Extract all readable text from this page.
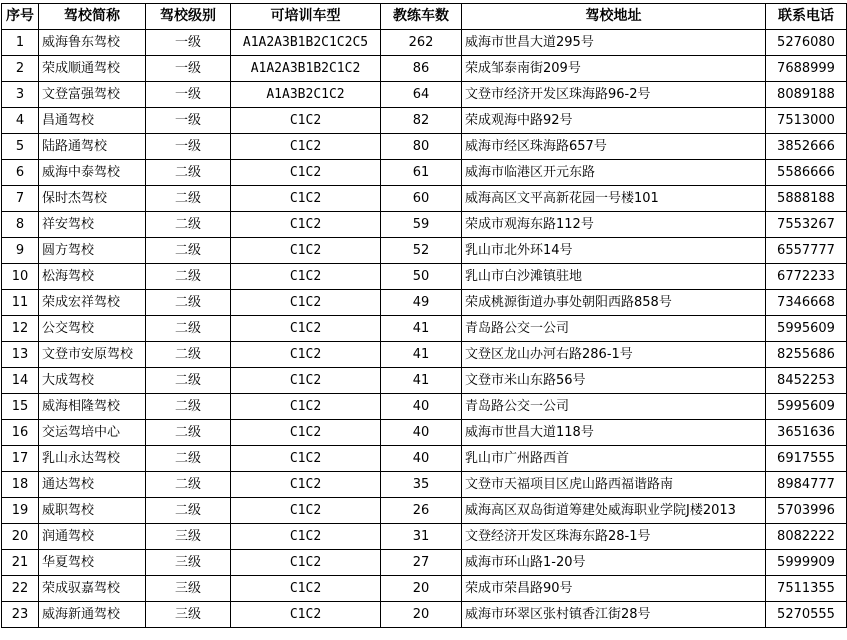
序号	驾校简称	驾校级别	可培训车型	教练车数	驾校地址	联系电话
1	威海鲁东驾校	一级	A1A2A3B1B2C1C2C5	262	威海市世昌大道295号	5276080
2	荣成顺通驾校	一级	A1A2A3B1B2C1C2	86	荣成邹泰南街209号	7688999
3	文登富强驾校	一级	A1A3B2C1C2	64	文登市经济开发区珠海路96-2号	8089188
4	昌通驾校	一级	C1C2	82	荣成观海中路92号	7513000
5	陆路通驾校	一级	C1C2	80	威海市经区珠海路657号	3852666
6	威海中泰驾校	二级	C1C2	61	威海市临港区开元东路	5586666
7	保时杰驾校	二级	C1C2	60	威海高区文平高新花园一号楼101	5888188
8	祥安驾校	二级	C1C2	59	荣成市观海东路112号	7553267
9	圆方驾校	二级	C1C2	52	乳山市北外环14号	6557777
10	松海驾校	二级	C1C2	50	乳山市白沙滩镇驻地	6772233
11	荣成宏祥驾校	二级	C1C2	49	荣成桃源街道办事处朝阳西路858号	7346668
12	公交驾校	二级	C1C2	41	青岛路公交一公司	5995609
13	文登市安原驾校	二级	C1C2	41	文登区龙山办河右路286-1号	8255686
14	大成驾校	二级	C1C2	41	文登市米山东路56号	8452253
15	威海相隆驾校	二级	C1C2	40	青岛路公交一公司	5995609
16	交运驾培中心	二级	C1C2	40	威海市世昌大道118号	3651636
17	乳山永达驾校	二级	C1C2	40	乳山市广州路西首	6917555
18	通达驾校	二级	C1C2	35	文登市天福项目区虎山路西福谐路南	8984777
19	威职驾校	二级	C1C2	26	威海高区双岛街道筹建处威海职业学院J楼2013	5703996
20	润通驾校	三级	C1C2	31	文登经济开发区珠海东路28-1号	8082222
21	华夏驾校	三级	C1C2	27	威海市环山路1-20号	5999909
22	荣成驭嘉驾校	三级	C1C2	20	荣成市荣昌路90号	7511355
23	威海新通驾校	三级	C1C2	20	威海市环翠区张村镇香江街28号	5270555
